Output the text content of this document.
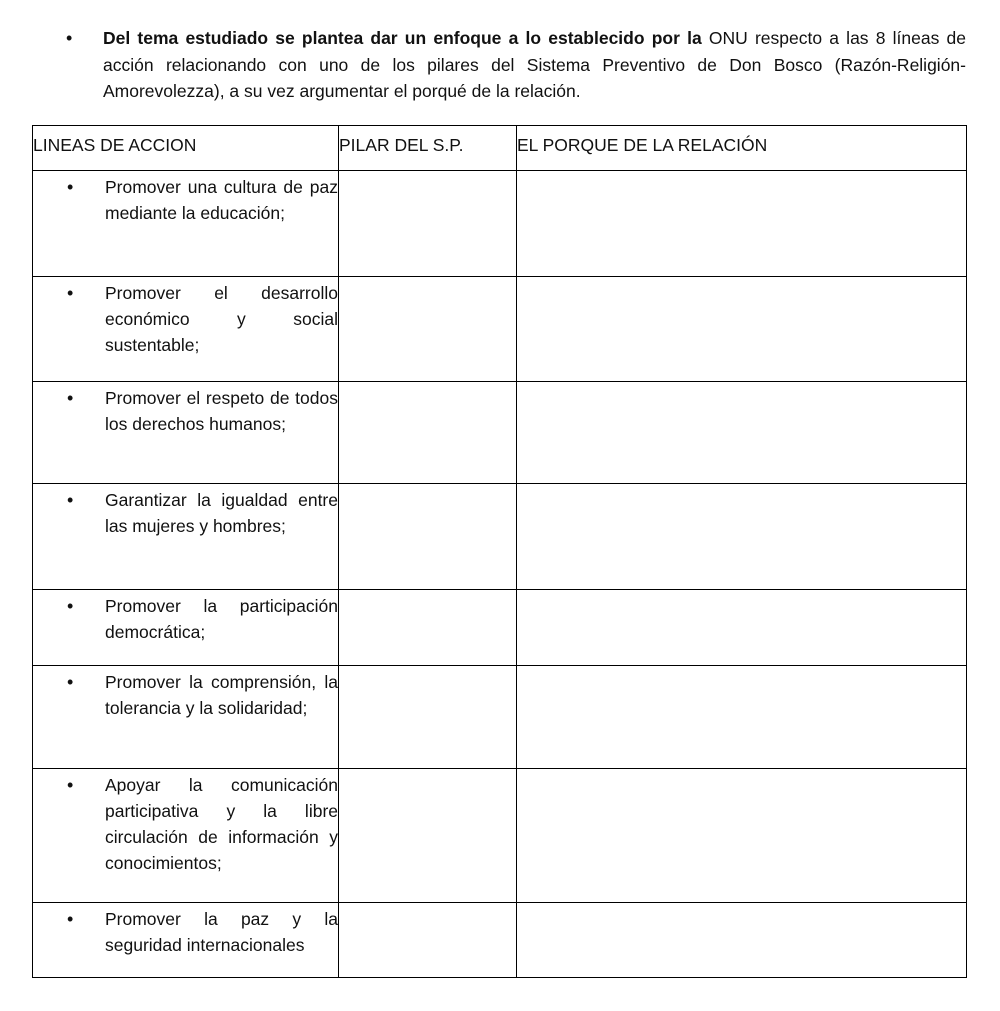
• Del tema estudiado se plantea dar un enfoque a lo establecido por la ONU respecto a las 8 líneas de acción relacionando con uno de los pilares del Sistema Preventivo de Don Bosco (Razón-Religión-Amorevolezza), a su vez argumentar el porqué de la relación.
LINEAS DE ACCION	PILAR DEL S.P.	EL PORQUE DE LA RELACIÓN

• Promover una cultura de paz mediante la educación;		

• Promover el desarrollo económico y social sustentable;		

• Promover el respeto de todos los derechos humanos;		

• Garantizar la igualdad entre las mujeres y hombres;		

• Promover la participación democrática;		

• Promover la comprensión, la tolerancia y la solidaridad;		

• Apoyar la comunicación participativa y la libre circulación de información y conocimientos;		

• Promover la paz y la seguridad internacionales		
